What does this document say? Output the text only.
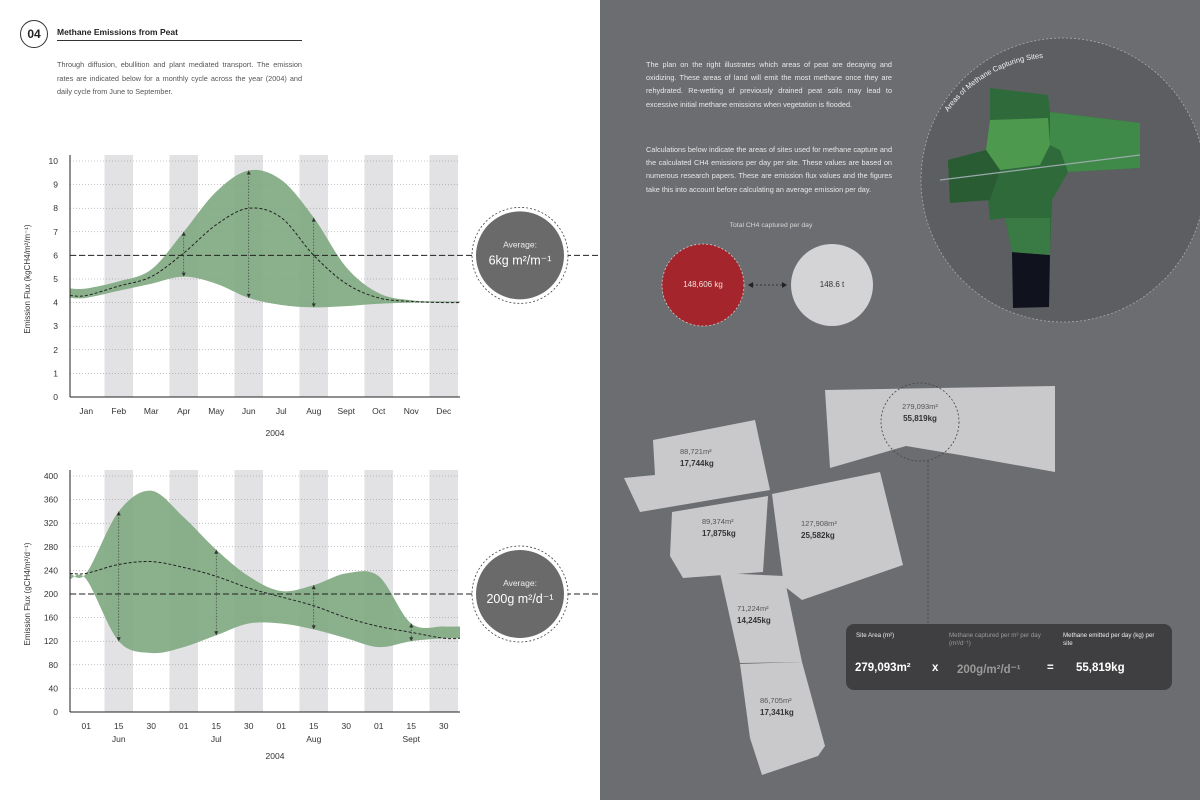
04	Methane Emissions from Peat
Through diffusion, ebullition and plant mediated transport. The emission rates are indicated below for a monthly cycle across the year (2004) and daily cycle from June to September.
0
1
2
3
4
5
6
7
8
9
10
Emission Flux (kgCH4/m²/m⁻¹)
2004
Average:
6kg m²/m⁻¹
Jan Feb Mar Apr May Jun Jul Aug Sept Oct Nov Dec
0
40
80
120
160
200
240
280
320
360
400
Emission Flux (gCH4/m²/d⁻¹)
2004
Average:
200g m²/d⁻¹
01	15	30	01	15	30	01	15	30	01	15	30
Jun	Jul	Aug	Sept
The plan on the right illustrates which areas of peat are decaying and oxidizing. These areas of land will emit the most methane once they are rehydrated. Re-wetting of previously drained peat soils may lead to excessive initial methane emissions when vegetation is flooded.
Calculations below indicate the areas of sites used for methane capture and the calculated CH4 emissions per day per site. These values are based on numerous research papers. These are emission flux values and the figures take this into account before calculating an average emission per day.
Total CH4 captured per day
Areas of Methane Capturing Sites
148,606 kg	148.6 t
279,093m²
55,819kg
88,721m²
17,744kg
89,374m²
17,875kg
127,908m²
25,582kg
71,224m²
14,245kg
86,705m²
17,341kg
Site Area (m²)	Methane captured per m² per day (m²/d⁻¹)
Methane emitted per day (kg) per site
279,093m² x 200g/m²/d⁻¹ = 55,819kg
